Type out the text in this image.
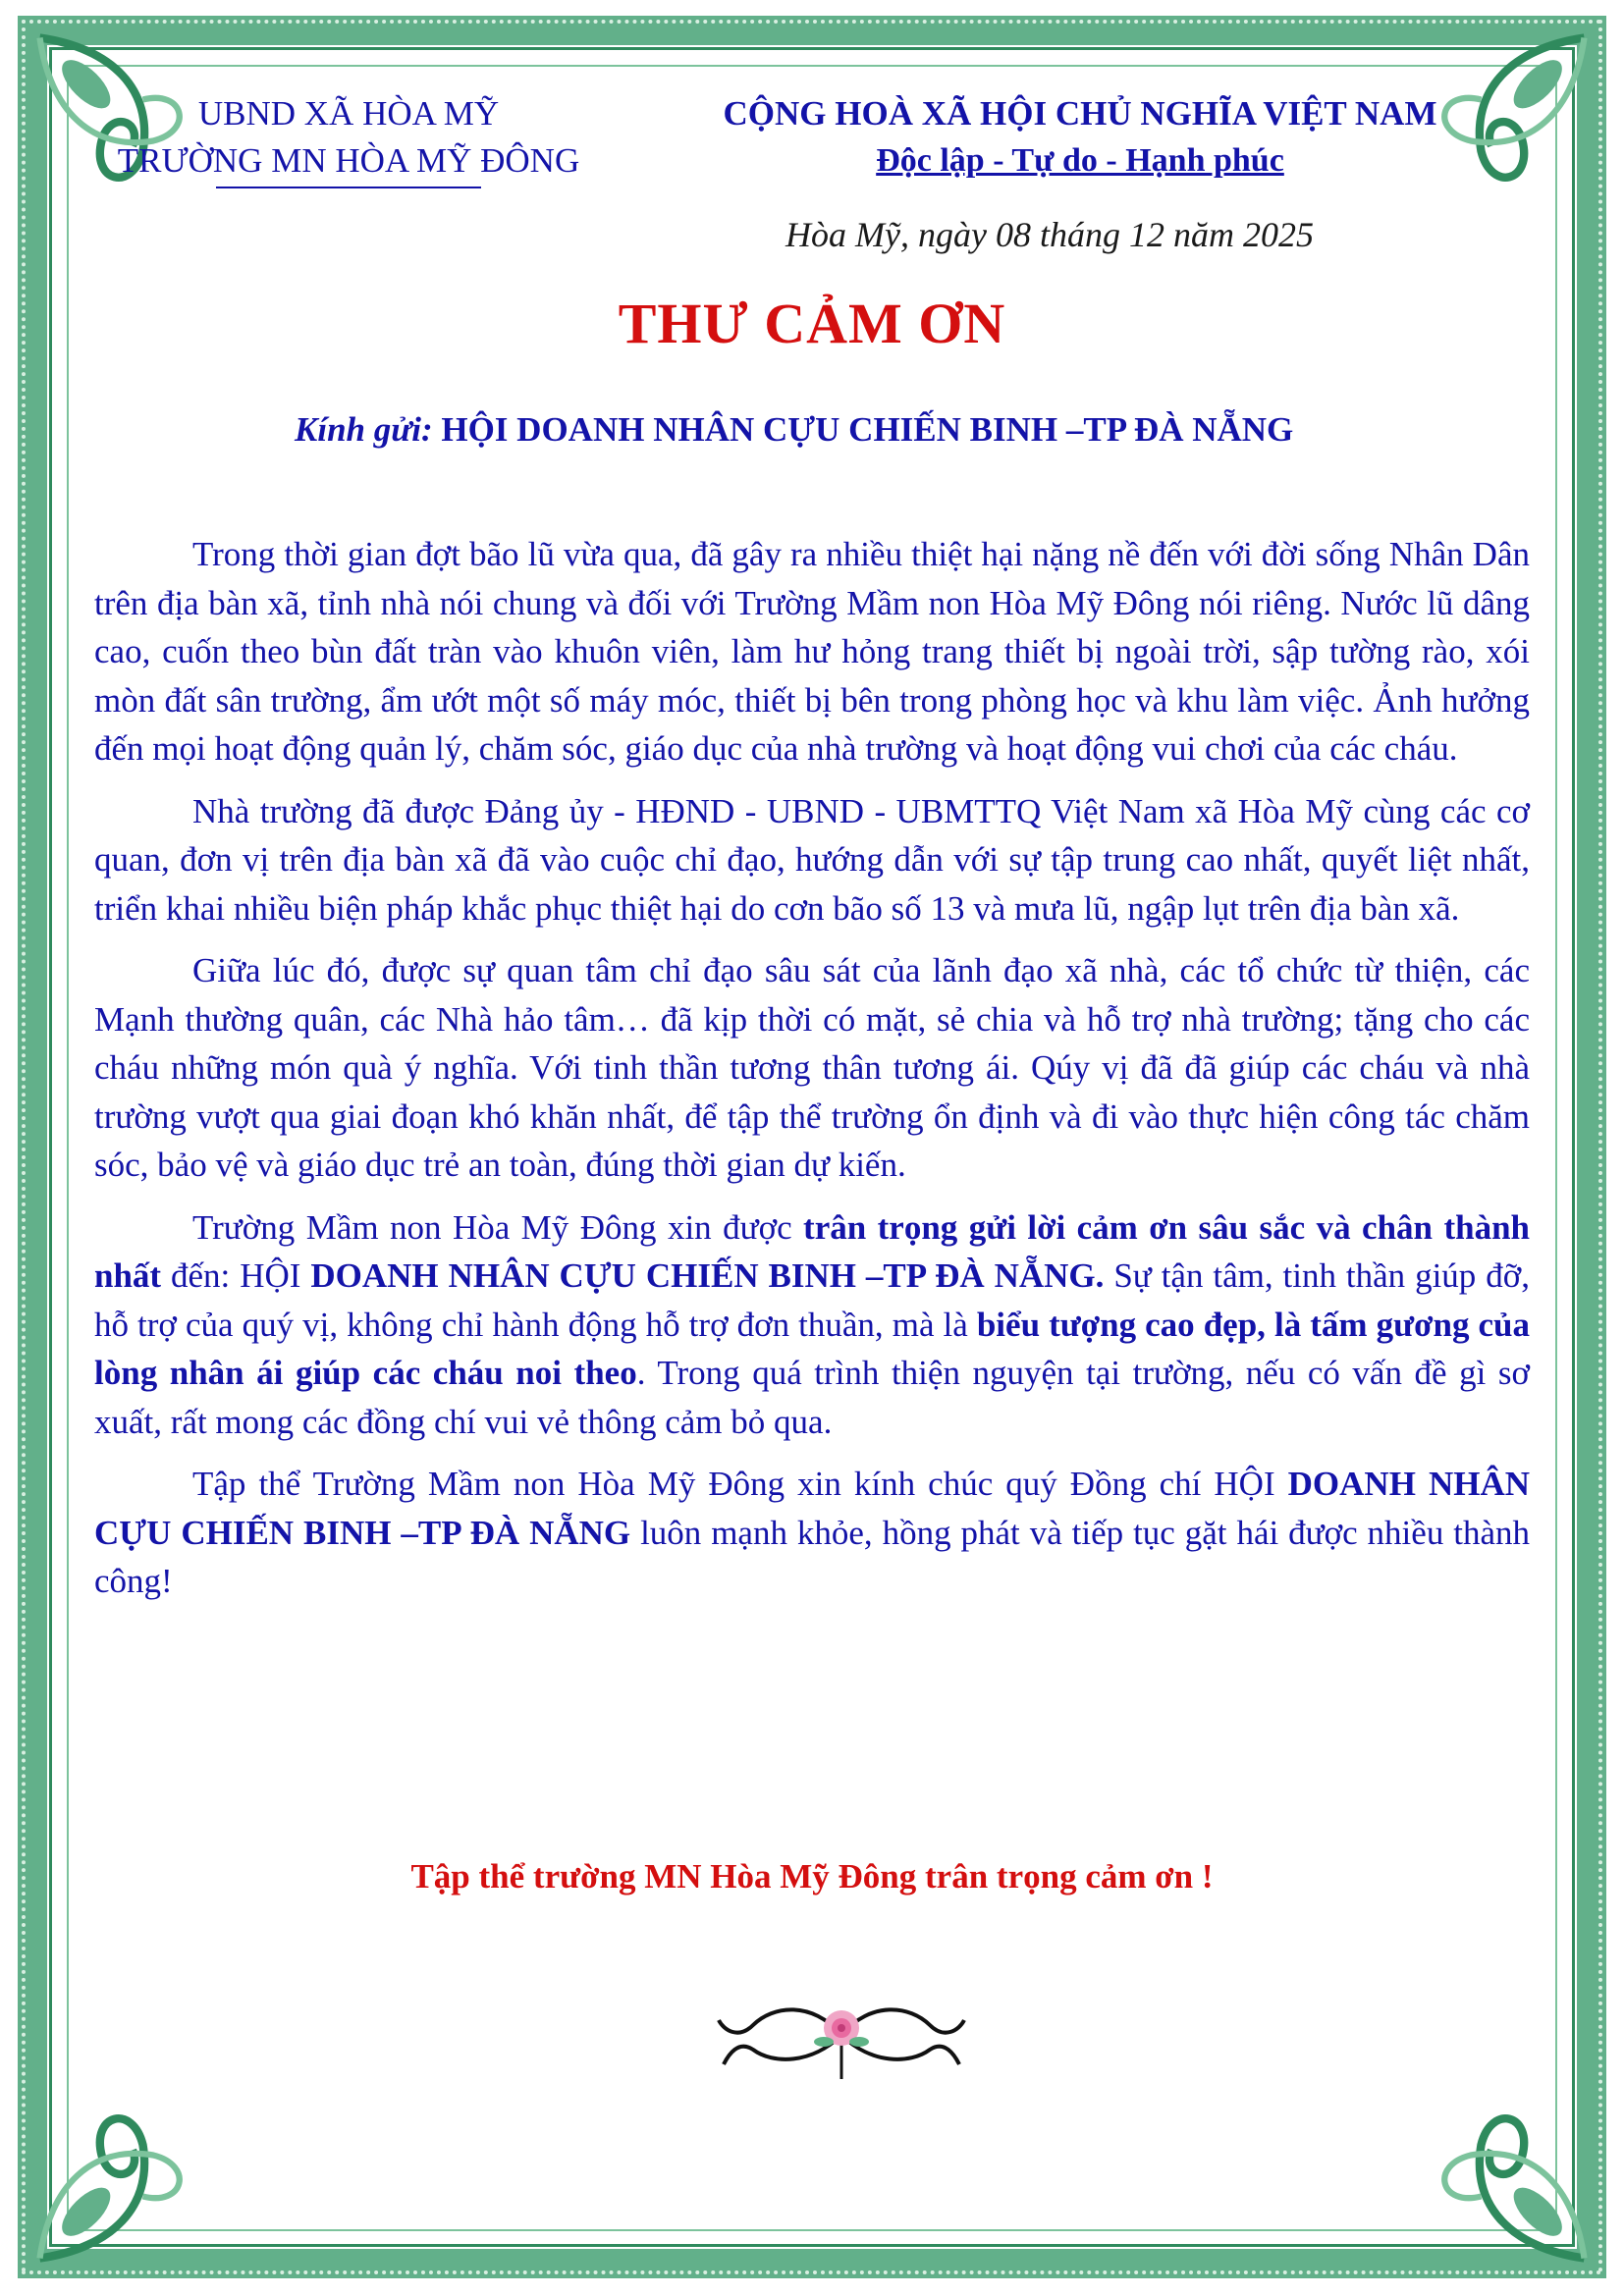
UBND XÃ HÒA MỸ
TRƯỜNG MN HÒA MỸ ĐÔNG
CỘNG HOÀ XÃ HỘI CHỦ NGHĨA VIỆT NAM
Độc lập - Tự do - Hạnh phúc
Hòa Mỹ, ngày 08 tháng 12 năm 2025
THƯ CẢM ƠN
Kính gửi: HỘI DOANH NHÂN CỰU CHIẾN BINH –TP ĐÀ NẴNG

Trong thời gian đợt bão lũ vừa qua, đã gây ra nhiều thiệt hại nặng nề đến với đời sống Nhân Dân trên địa bàn xã, tỉnh nhà nói chung và đối với Trường Mầm non Hòa Mỹ Đông nói riêng. Nước lũ dâng cao, cuốn theo bùn đất tràn vào khuôn viên, làm hư hỏng trang thiết bị ngoài trời, sập tường rào, xói mòn đất sân trường, ẩm ướt một số máy móc, thiết bị bên trong phòng học và khu làm việc. Ảnh hưởng đến mọi hoạt động quản lý, chăm sóc, giáo dục của nhà trường và hoạt động vui chơi của các cháu.

Nhà trường đã được Đảng ủy - HĐND - UBND - UBMTTQ Việt Nam xã Hòa Mỹ cùng các cơ quan, đơn vị trên địa bàn xã đã vào cuộc chỉ đạo, hướng dẫn với sự tập trung cao nhất, quyết liệt nhất, triển khai nhiều biện pháp khắc phục thiệt hại do cơn bão số 13 và mưa lũ, ngập lụt trên địa bàn xã.

Giữa lúc đó, được sự quan tâm chỉ đạo sâu sát của lãnh đạo xã nhà, các tổ chức từ thiện, các Mạnh thường quân, các Nhà hảo tâm… đã kịp thời có mặt, sẻ chia và hỗ trợ nhà trường; tặng cho các cháu những món quà ý nghĩa. Với tinh thần tương thân tương ái. Qúy vị đã đã giúp các cháu và nhà trường vượt qua giai đoạn khó khăn nhất, để tập thể trường ổn định và đi vào thực hiện công tác chăm sóc, bảo vệ và giáo dục trẻ an toàn, đúng thời gian dự kiến.

Trường Mầm non Hòa Mỹ Đông xin được trân trọng gửi lời cảm ơn sâu sắc và chân thành nhất đến: HỘI DOANH NHÂN CỰU CHIẾN BINH –TP ĐÀ NẴNG. Sự tận tâm, tinh thần giúp đỡ, hỗ trợ của quý vị, không chỉ hành động hỗ trợ đơn thuần, mà là biểu tượng cao đẹp, là tấm gương của lòng nhân ái giúp các cháu noi theo. Trong quá trình thiện nguyện tại trường, nếu có vấn đề gì sơ xuất, rất mong các đồng chí vui vẻ thông cảm bỏ qua.

Tập thể Trường Mầm non Hòa Mỹ Đông xin kính chúc quý Đồng chí HỘI DOANH NHÂN CỰU CHIẾN BINH –TP ĐÀ NẴNG luôn mạnh khỏe, hồng phát và tiếp tục gặt hái được nhiều thành công!

Tập thể trường MN Hòa Mỹ Đông trân trọng cảm ơn !
